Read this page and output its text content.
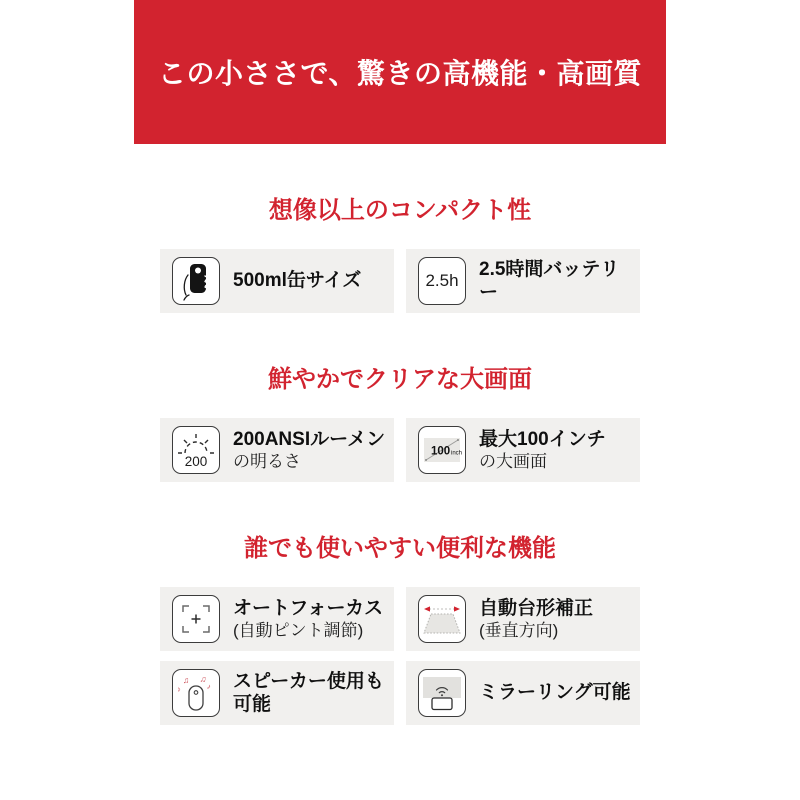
この小ささで、驚きの高機能・高画質
想像以上のコンパクト性
500ml缶サイズ	2.5h
2.5時間バッテリー
鮮やかでクリアな大画面
200
200ANSIルーメン
の明るさ
100 inch
最大100インチ
の大画面
誰でも使いやすい便利な機能
オートフォーカス
(自動ピント調節)
自動台形補正
(垂直方向)
♪
♫ ♫
♪ スピーカー使用も可能
ミラーリング可能
